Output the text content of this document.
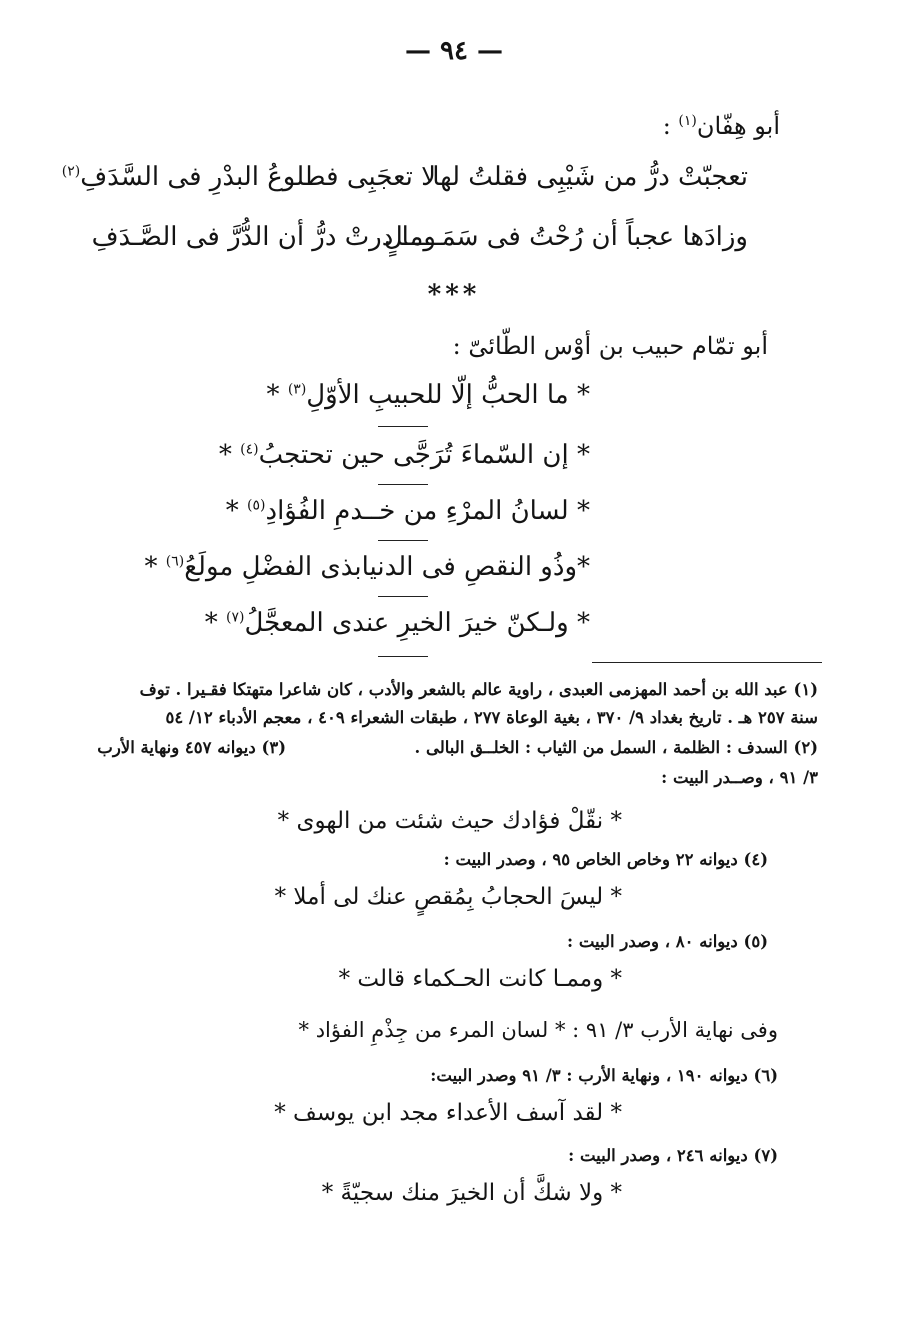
— ٩٤ —
أبو هِفّان$^{(١)}$ :
تعجبّتْ درُّ من شَيْبِى فقلتُ لها
لا تعجَبِى فطلوعُ البدْرِ فى السَّدَفِ$^{(٢)}$
وزادَها عجباً أن رُحْتُ فى سَمَـــــلٍ
وما درتْ درُّ أن الدُّرَّ فى الصَّـدَفِ
***
أبو تمّام حبيب بن أوْس الطّائىّ :
* ما الحبُّ إلّا للحبيبِ الأوّلِ$^{(٣)}$ *
* إن السّماءَ تُرَجَّى حين تحتجبُ$^{(٤)}$ *
* لسانُ المرْءِ من خــدمِ الفُؤادِ$^{(٥)}$ *
*وذُو النقصِ فى الدنيابذى الفضْلِ مولَعُ$^{(٦)}$ *
* ولـكنّ خيرَ الخيرِ عندى المعجَّلُ$^{(٧)}$ *
(١) عبد الله بن أحمد المهزمى العبدى ، راوية عالم بالشعر والأدب ، كان شاعرا متهتكا فقـيرا . توف
سنة ٢٥٧ هـ . تاريخ بغداد ٩/ ٣٧٠ ، بغية الوعاة ٢٧٧ ، طبقات الشعراء ٤٠٩ ، معجم الأدباء ١٢/ ٥٤
(٢) السدف : الظلمة ، السمل من الثياب : الخلــق البالى .
(٣) ديوانه ٤٥٧ ونهاية الأرب
٣/ ٩١ ، وصــدر البيت :
* نقّلْ فؤادك حيث شئت من الهوى *
(٤) ديوانه ٢٢ وخاص الخاص ٩٥ ، وصدر البيت :
* ليسَ الحجابُ بِمُقصٍ عنك لى أملا *
(٥) ديوانه ٨٠ ، وصدر البيت :
* وممـا كانت الحـكماء قالت *
وفى نهاية الأرب ٣/ ٩١ : * لسان المرء من جِذْمِ الفؤاد *
(٦) ديوانه ١٩٠ ، ونهاية الأرب : ٣/ ٩١ وصدر البيت:
* لقد آسف الأعداء مجد ابن يوسف *
(٧) ديوانه ٢٤٦ ، وصدر البيت :
* ولا شكَّ أن الخيرَ منك سجيّةً *
